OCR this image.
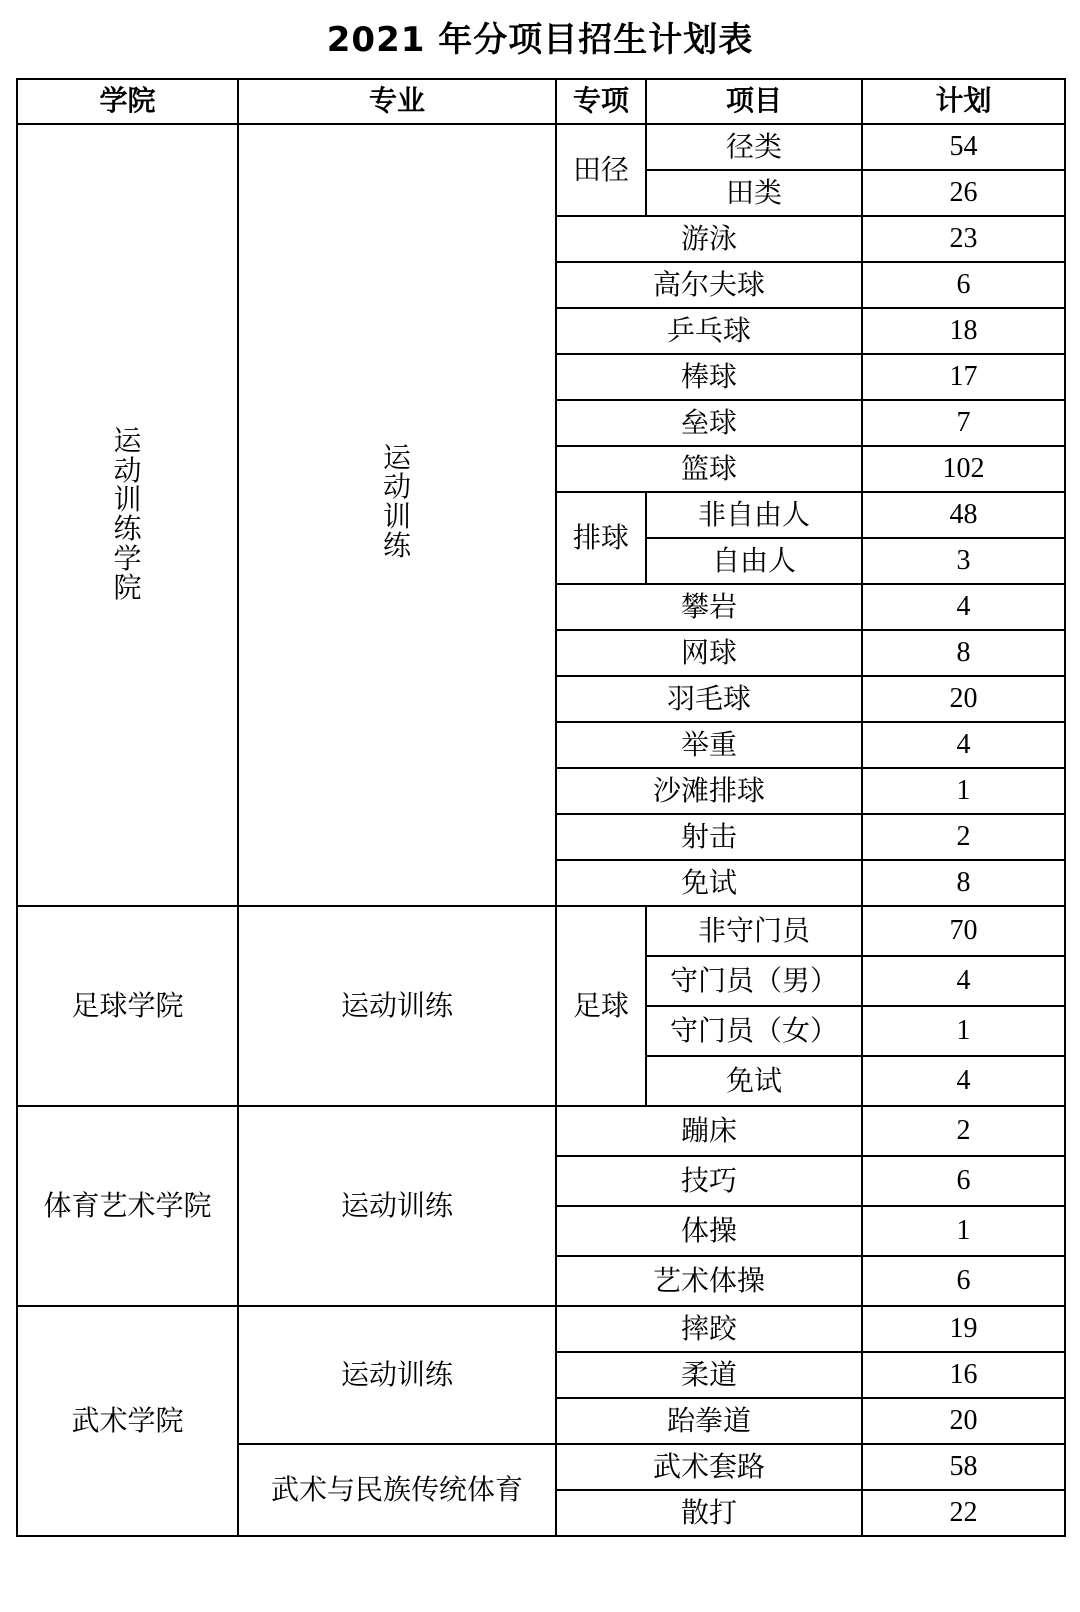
2021 年分项目招生计划表
学院	专业	专项	项目	计划
运动训练学院	运动训练	田径	径类	54
			田类	26
		游泳		23
		高尔夫球		6
		乒乓球		18
		棒球		17
		垒球		7
		篮球		102
		排球	非自由人	48
			自由人	3
		攀岩		4
		网球		8
		羽毛球		20
		举重		4
		沙滩排球		1
		射击		2
		免试		8
足球学院	运动训练	足球	非守门员	70
			守门员（男）	4
			守门员（女）	1
			免试	4
体育艺术学院	运动训练	蹦床		2
		技巧		6
		体操		1
		艺术体操		6
武术学院	运动训练	摔跤		19
		柔道		16
		跆拳道		20
	武术与民族传统体育	武术套路		58
		散打		22
